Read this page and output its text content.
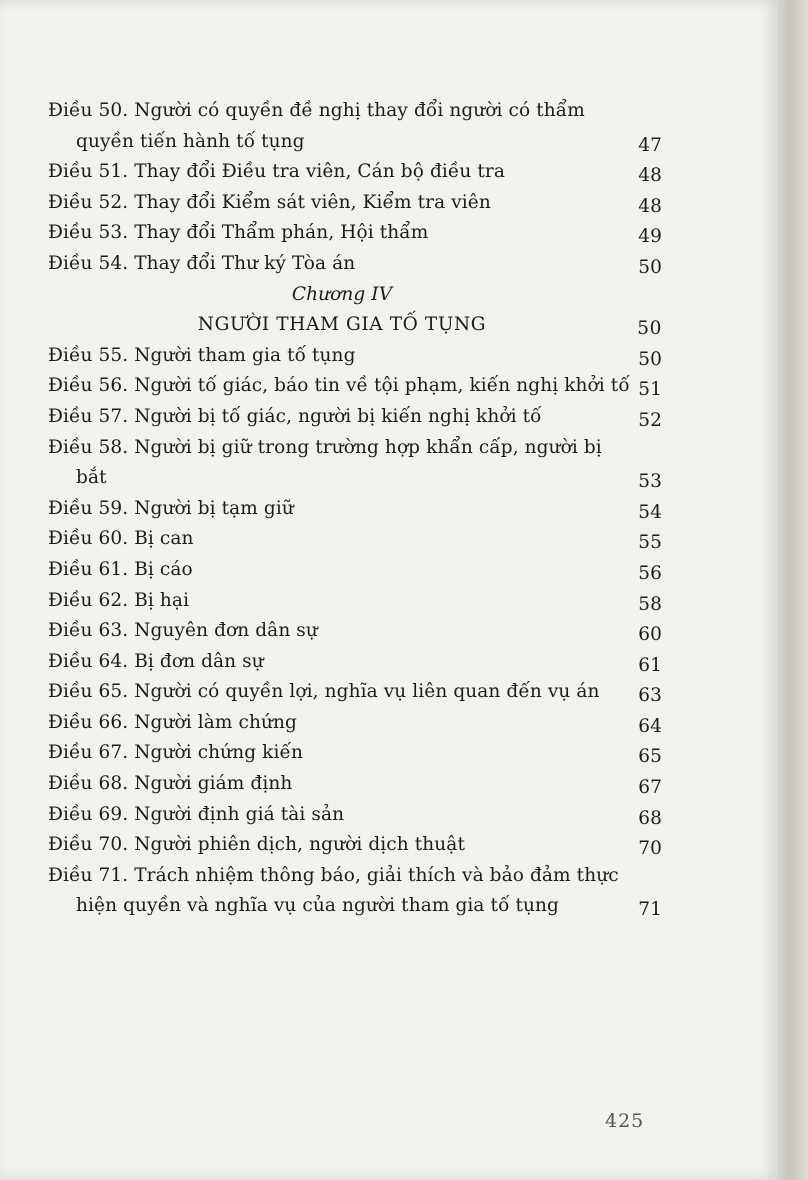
Điều 50. Người có quyền đề nghị thay đổi người có thẩm quyền tiến hành tố tụng	47
Điều 51. Thay đổi Điều tra viên, Cán bộ điều tra	48
Điều 52. Thay đổi Kiểm sát viên, Kiểm tra viên	48
Điều 53. Thay đổi Thẩm phán, Hội thẩm	49
Điều 54. Thay đổi Thư ký Tòa án	50
Chương IV
NGƯỜI THAM GIA TỐ TỤNG	50
Điều 55. Người tham gia tố tụng	50
Điều 56. Người tố giác, báo tin về tội phạm, kiến nghị khởi tố 51
Điều 57. Người bị tố giác, người bị kiến nghị khởi tố	52
Điều 58. Người bị giữ trong trường hợp khẩn cấp, người bị bắt	53
Điều 59. Người bị tạm giữ	54
Điều 60. Bị can	55
Điều 61. Bị cáo	56
Điều 62. Bị hại	58
Điều 63. Nguyên đơn dân sự	60
Điều 64. Bị đơn dân sự	61
Điều 65. Người có quyền lợi, nghĩa vụ liên quan đến vụ án	63
Điều 66. Người làm chứng	64
Điều 67. Người chứng kiến	65
Điều 68. Người giám định	67
Điều 69. Người định giá tài sản	68
Điều 70. Người phiên dịch, người dịch thuật	70
Điều 71. Trách nhiệm thông báo, giải thích và bảo đảm thực hiện quyền và nghĩa vụ của người tham gia tố tụng	71
425
